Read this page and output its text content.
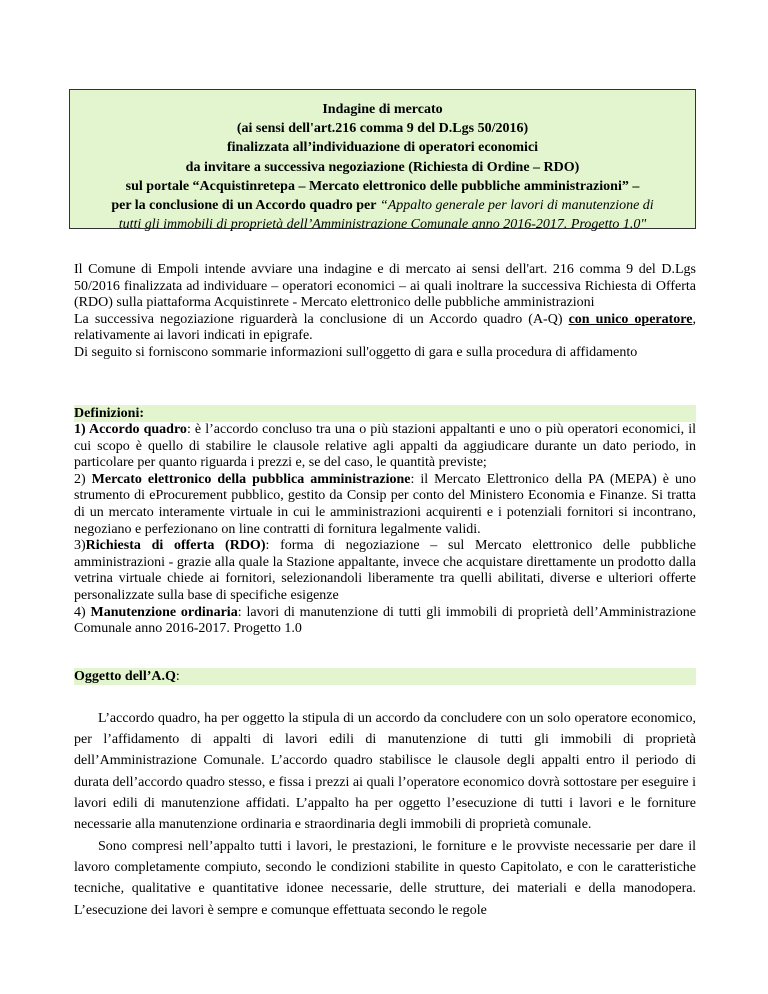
Indagine di mercato
(ai sensi dell'art.216 comma 9 del D.Lgs 50/2016)
finalizzata all’individuazione di operatori economici
da invitare a successiva negoziazione (Richiesta di Ordine – RDO)
sul portale “Acquistinretepa – Mercato elettronico delle pubbliche amministrazioni” –
per la conclusione di un Accordo quadro per “Appalto generale per lavori di manutenzione di
tutti gli immobili di proprietà dell’Amministrazione Comunale anno 2016-2017. Progetto 1.0"
Il Comune di Empoli intende avviare una indagine e di mercato ai sensi dell'art. 216 comma 9 del D.Lgs 50/2016 finalizzata ad individuare – operatori economici – ai quali inoltrare la successiva Richiesta di Offerta (RDO) sulla piattaforma Acquistinrete - Mercato elettronico delle pubbliche amministrazioni
La successiva negoziazione riguarderà la conclusione di un Accordo quadro (A-Q) con unico operatore, relativamente ai lavori indicati in epigrafe.
Di seguito si forniscono sommarie informazioni sull'oggetto di gara e sulla procedura di affidamento
Definizioni:
1) Accordo quadro: è l’accordo concluso tra una o più stazioni appaltanti e uno o più operatori economici, il cui scopo è quello di stabilire le clausole relative agli appalti da aggiudicare durante un dato periodo, in particolare per quanto riguarda i prezzi e, se del caso, le quantità previste;
2) Mercato elettronico della pubblica amministrazione: il Mercato Elettronico della PA (MEPA) è uno strumento di eProcurement pubblico, gestito da Consip per conto del Ministero Economia e Finanze. Si tratta di un mercato interamente virtuale in cui le amministrazioni acquirenti e i potenziali fornitori si incontrano, negoziano e perfezionano on line contratti di fornitura legalmente validi.
3)Richiesta di offerta (RDO): forma di negoziazione – sul Mercato elettronico delle pubbliche amministrazioni - grazie alla quale la Stazione appaltante, invece che acquistare direttamente un prodotto dalla vetrina virtuale chiede ai fornitori, selezionandoli liberamente tra quelli abilitati, diverse e ulteriori offerte personalizzate sulla base di specifiche esigenze
4) Manutenzione ordinaria: lavori di manutenzione di tutti gli immobili di proprietà dell’Amministrazione Comunale anno 2016-2017. Progetto 1.0
Oggetto dell’A.Q:
L’accordo quadro, ha per oggetto la stipula di un accordo da concludere con un solo operatore economico, per l’affidamento di appalti di lavori edili di manutenzione di tutti gli immobili di proprietà dell’Amministrazione Comunale. L’accordo quadro stabilisce le clausole degli appalti entro il periodo di durata dell’accordo quadro stesso, e fissa i prezzi ai quali l’operatore economico dovrà sottostare per eseguire i lavori edili di manutenzione affidati. L’appalto ha per oggetto l’esecuzione di tutti i lavori e le forniture necessarie alla manutenzione ordinaria e straordinaria degli immobili di proprietà comunale.
Sono compresi nell’appalto tutti i lavori, le prestazioni, le forniture e le provviste necessarie per dare il lavoro completamente compiuto, secondo le condizioni stabilite in questo Capitolato, e con le caratteristiche tecniche, qualitative e quantitative idonee necessarie, delle strutture, dei materiali e della manodopera. L’esecuzione dei lavori è sempre e comunque effettuata secondo le regole
